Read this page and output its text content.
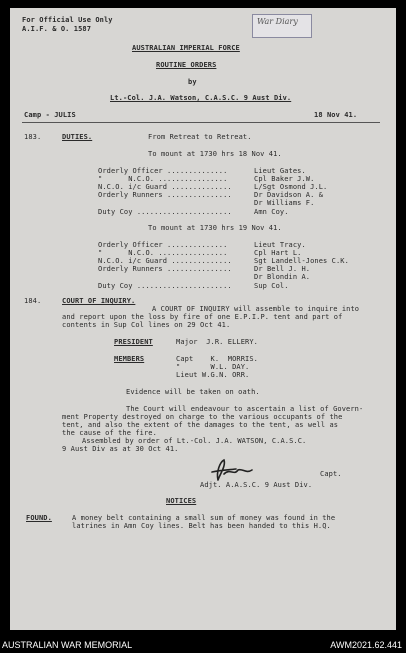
For Official Use Only
A.I.F. & O. 1587
War Diary
AUSTRALIAN IMPERIAL FORCE
ROUTINE ORDERS
by
Lt.-Col. J.A. Watson, C.A.S.C. 9 Aust Div.
Camp - JULIS	18 Nov 41.
183.	DUTIES.	From Retreat to Retreat.
To mount at 1730 hrs 18 Nov 41.
Orderly Officer ..............	Lieut Gates.
"      N.C.O. ................	Cpl Baker J.W.
N.C.O. i/c Guard ..............	L/Sgt Osmond J.L.
Orderly Runners ...............	Dr Davidson A. &
Dr Williams F.
Duty Coy ......................	Amn Coy.
To mount at 1730 hrs 19 Nov 41.
Orderly Officer ..............	Lieut Tracy.
"      N.C.O. ................	Cpl Hart L.
N.C.O. i/c Guard ..............	Sgt Landell-Jones C.K.
Orderly Runners ...............	Dr Bell J. H.
Dr Blondin A.
Duty Coy ......................	Sup Col.
184.	COURT OF INQUIRY.
A COURT OF INQUIRY will assemble to inquire into
and report upon the loss by fire of one E.P.I.P. tent and part of
contents in Sup Col lines on 29 Oct 41.
PRESIDENT	Major  J.R. ELLERY.
MEMBERS	Capt    K.  MORRIS.
"       W.L. DAY.
Lieut W.G.N. ORR.
Evidence will be taken on oath.
The Court will endeavour to ascertain a list of Govern-
ment Property destroyed on charge to the various occupants of the
tent, and also the extent of the damages to the tent, as well as
the cause of the fire.
Assembled by order of Lt.-Col. J.A. WATSON, C.A.S.C.
9 Aust Div as at 30 Oct 41.
Capt.
Adjt. A.A.S.C. 9 Aust Div.
NOTICES
FOUND.	A money belt containing a small sum of money was found in the
latrines in Amn Coy lines. Belt has been handed to this H.Q.
AUSTRALIAN WAR MEMORIAL	AWM2021.62.441
